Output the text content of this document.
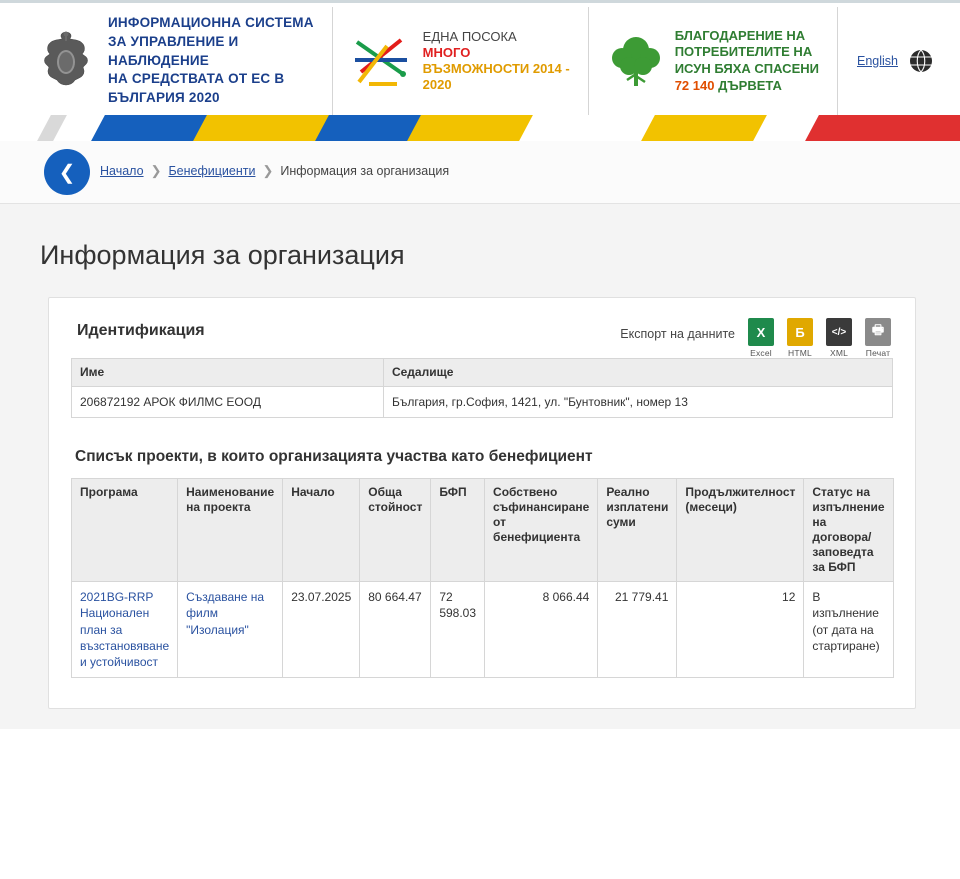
ИНФОРМАЦИОННА СИСТЕМА
ЗА УПРАВЛЕНИЕ И
НАБЛЮДЕНИЕ
НА СРЕДСТВАТА ОТ ЕС В
БЪЛГАРИЯ 2020
ЕДНА ПОСОКА
МНОГО
ВЪЗМОЖНОСТИ 2014 -
2020
БЛАГОДАРЕНИЕ НА
ПОТРЕБИТЕЛИТЕ НА
ИСУН БЯХА СПАСЕНИ
72 140 ДЪРВЕТА
English
❮ Начало ❯ Бенефициенти ❯ Информация за организация
Информация за организация
Идентификация	Експорт на данните	X
Excel
Б
HTML
</>
XML
🖶
Печат
Име	Седалище
206872192 АРОК ФИЛМС ЕООД	България, гр.София, 1421, ул. "Бунтовник", номер 13
Списък проекти, в които организацията участва като бенефициент
Програма	Наименование на проекта	Начало	Обща стойност	БФП	Собствено съфинансиране от бенефициента	Реално изплатени суми	Продължителност (месеци)	Статус на изпълнение на договора/заповедта за БФП
2021BG-RRP Национален план за възстановяване и устойчивост	Създаване на филм "Изолация"	23.07.2025	80 664.47	72 598.03	8 066.44	21 779.41	12	В изпълнение (от дата на стартиране)
